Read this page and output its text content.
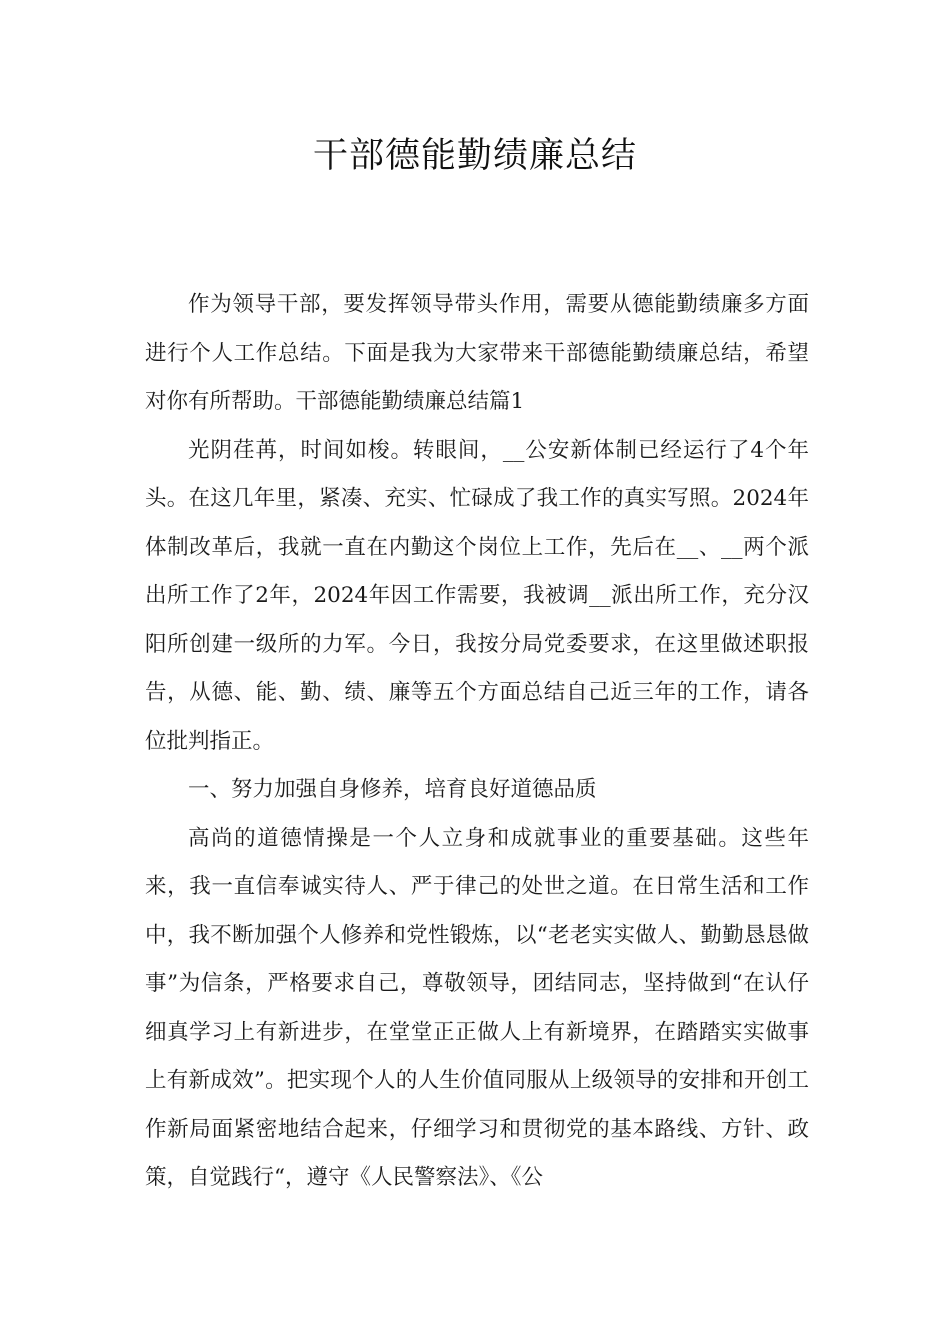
干部德能勤绩廉总结

作为领导干部，要发挥领导带头作用，需要从德能勤绩廉多方面进行个人工作总结。下面是我为大家带来干部德能勤绩廉总结，希望对你有所帮助。干部德能勤绩廉总结篇1

光阴荏苒，时间如梭。转眼间，__公安新体制已经运行了4个年头。在这几年里，紧凑、充实、忙碌成了我工作的真实写照。2024年体制改革后，我就一直在内勤这个岗位上工作，先后在__、__两个派出所工作了2年，2024年因工作需要，我被调__派出所工作，充分汉阳所创建一级所的力军。今日，我按分局党委要求，在这里做述职报告，从德、能、勤、绩、廉等五个方面总结自己近三年的工作，请各位批判指正。

一、努力加强自身修养，培育良好道德品质

高尚的道德情操是一个人立身和成就事业的重要基础。这些年来，我一直信奉诚实待人、严于律己的处世之道。在日常生活和工作中，我不断加强个人修养和党性锻炼，以“老老实实做人、勤勤恳恳做事”为信条，严格要求自己，尊敬领导，团结同志，坚持做到“在认仔细真学习上有新进步，在堂堂正正做人上有新境界，在踏踏实实做事上有新成效”。把实现个人的人生价值同服从上级领导的安排和开创工作新局面紧密地结合起来，仔细学习和贯彻党的基本路线、方针、政策，自觉践行“，遵守《人民警察法》、《公
